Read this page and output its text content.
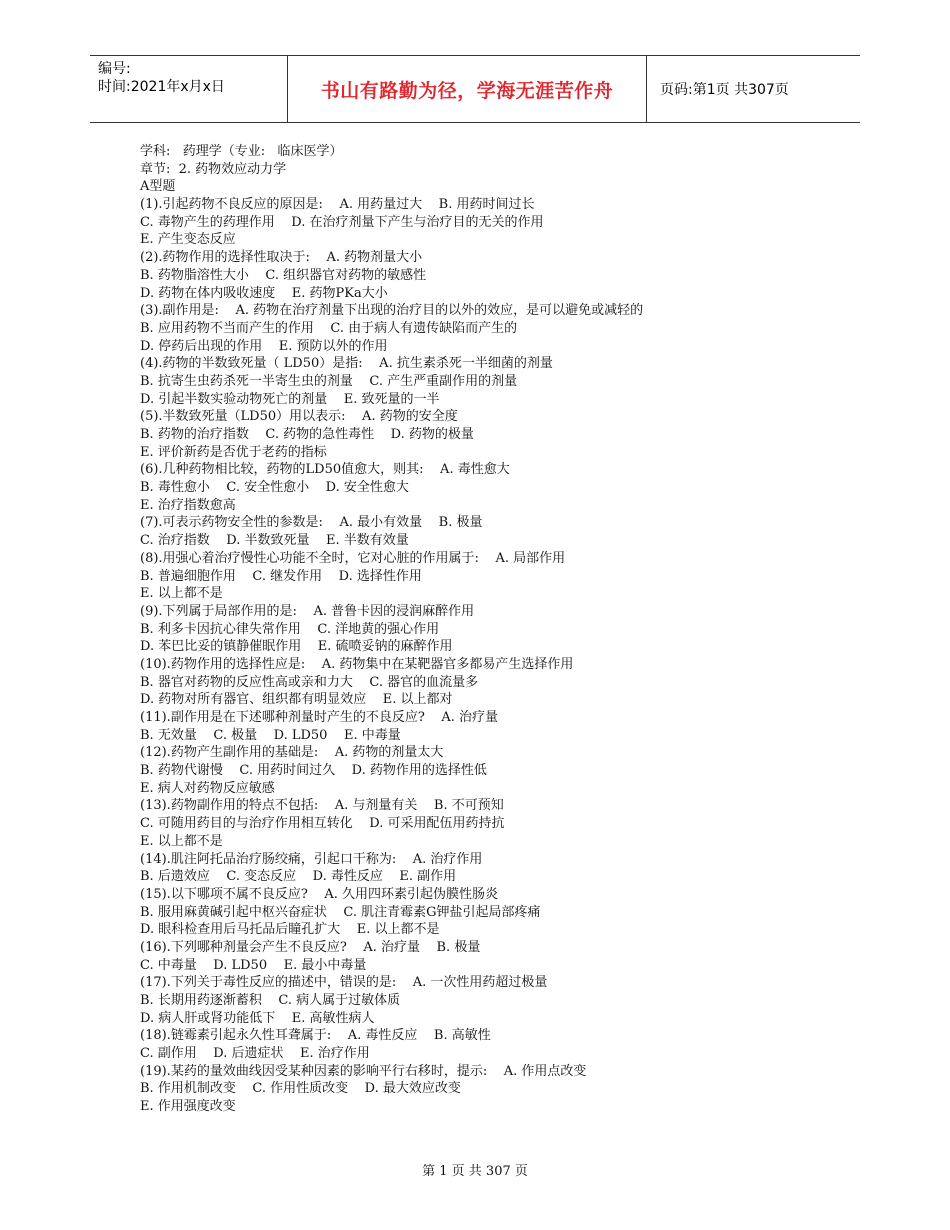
编号:
时间:2021年x月x日	书山有路勤为径，学海无涯苦作舟	页码:第1页 共307页
学科:   药理学（专业:   临床医学）
章节:  2. 药物效应动力学
A型题
(1).引起药物不良反应的原因是:    A. 用药量过大    B. 用药时间过长
C. 毒物产生的药理作用    D. 在治疗剂量下产生与治疗目的无关的作用
E. 产生变态反应
(2).药物作用的选择性取决于:    A. 药物剂量大小
B. 药物脂溶性大小    C. 组织器官对药物的敏感性
D. 药物在体内吸收速度    E. 药物PKa大小
(3).副作用是:    A. 药物在治疗剂量下出现的治疗目的以外的效应，是可以避免或减轻的
B. 应用药物不当而产生的作用    C. 由于病人有遗传缺陷而产生的
D. 停药后出现的作用    E. 预防以外的作用
(4).药物的半数致死量（ LD50）是指:    A. 抗生素杀死一半细菌的剂量
B. 抗寄生虫药杀死一半寄生虫的剂量    C. 产生严重副作用的剂量
D. 引起半数实验动物死亡的剂量    E. 致死量的一半
(5).半数致死量（LD50）用以表示:    A. 药物的安全度
B. 药物的治疗指数    C. 药物的急性毒性    D. 药物的极量
E. 评价新药是否优于老药的指标
(6).几种药物相比较，药物的LD50值愈大，则其:    A. 毒性愈大
B. 毒性愈小    C. 安全性愈小    D. 安全性愈大
E. 治疗指数愈高
(7).可表示药物安全性的参数是:    A. 最小有效量    B. 极量
C. 治疗指数    D. 半数致死量    E. 半数有效量
(8).用强心着治疗慢性心功能不全时，它对心脏的作用属于:    A. 局部作用
B. 普遍细胞作用    C. 继发作用    D. 选择性作用
E. 以上都不是
(9).下列属于局部作用的是:    A. 普鲁卡因的浸润麻醉作用
B. 利多卡因抗心律失常作用    C. 洋地黄的强心作用
D. 苯巴比妥的镇静催眠作用    E. 硫喷妥钠的麻醉作用
(10).药物作用的选择性应是:    A. 药物集中在某靶器官多都易产生选择作用
B. 器官对药物的反应性高或亲和力大    C. 器官的血流量多
D. 药物对所有器官、组织都有明显效应    E. 以上都对
(11).副作用是在下述哪种剂量时产生的不良反应?    A. 治疗量
B. 无效量    C. 极量    D. LD50    E. 中毒量
(12).药物产生副作用的基础是:    A. 药物的剂量太大
B. 药物代谢慢    C. 用药时间过久    D. 药物作用的选择性低
E. 病人对药物反应敏感
(13).药物副作用的特点不包括:    A. 与剂量有关    B. 不可预知
C. 可随用药目的与治疗作用相互转化    D. 可采用配伍用药持抗
E. 以上都不是
(14).肌注阿托品治疗肠绞痛，引起口干称为:    A. 治疗作用
B. 后遗效应    C. 变态反应    D. 毒性反应    E. 副作用
(15).以下哪项不属不良反应?    A. 久用四环素引起伪膜性肠炎
B. 服用麻黄碱引起中枢兴奋症状    C. 肌注青霉素G钾盐引起局部疼痛
D. 眼科检查用后马托品后瞳孔扩大    E. 以上都不是
(16).下列哪种剂量会产生不良反应?    A. 治疗量    B. 极量
C. 中毒量    D. LD50    E. 最小中毒量
(17).下列关于毒性反应的描述中，错误的是:    A. 一次性用药超过极量
B. 长期用药逐渐蓄积    C. 病人属于过敏体质
D. 病人肝或肾功能低下    E. 高敏性病人
(18).链霉素引起永久性耳聋属于:    A. 毒性反应    B. 高敏性
C. 副作用    D. 后遗症状    E. 治疗作用
(19).某药的量效曲线因受某种因素的影响平行右移时，提示:    A. 作用点改变
B. 作用机制改变    C. 作用性质改变    D. 最大效应改变
E. 作用强度改变
第 1 页 共 307 页
